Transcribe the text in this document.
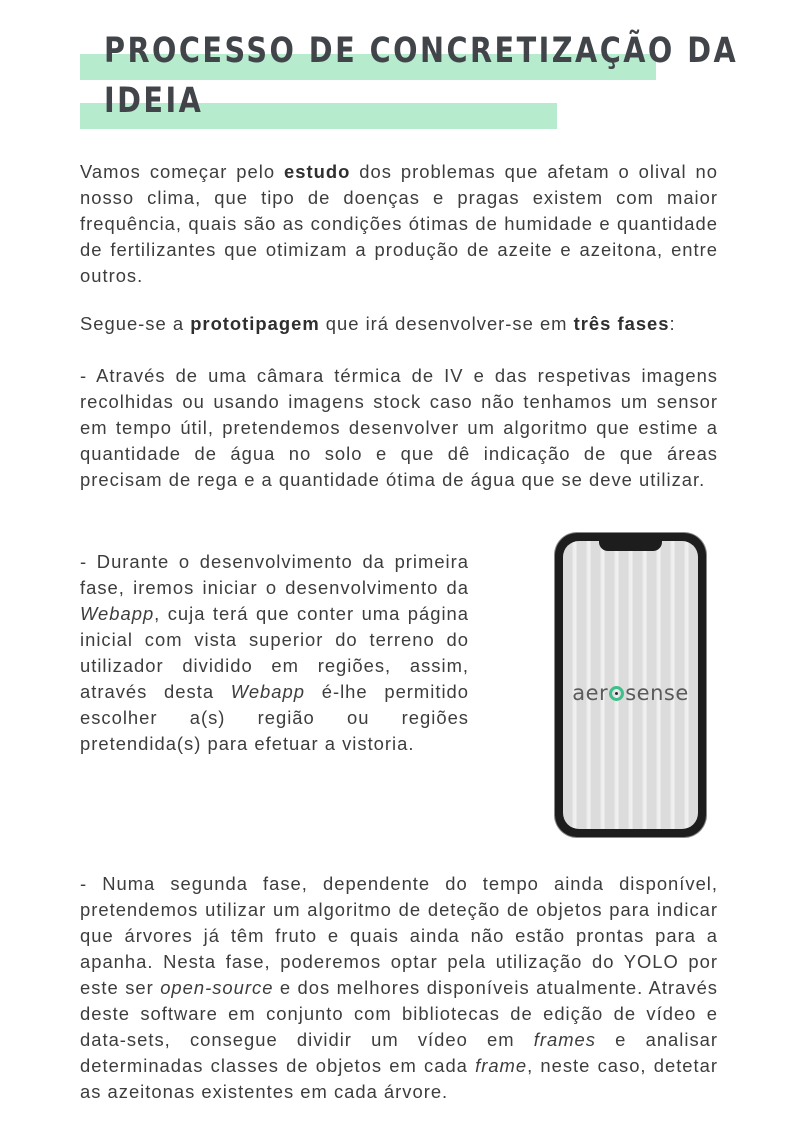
PROCESSO DE CONCRETIZAÇÃO DA
IDEIA

Vamos começar pelo estudo dos problemas que afetam o olival no nosso clima, que tipo de doenças e pragas existem com maior frequência, quais são as condições ótimas de humidade e quantidade de fertilizantes que otimizam a produção de azeite e azeitona, entre outros.

Segue-se a prototipagem que irá desenvolver-se em três fases:

- Através de uma câmara térmica de IV e das respetivas imagens recolhidas ou usando imagens stock caso não tenhamos um sensor em tempo útil, pretendemos desenvolver um algoritmo que estime a quantidade de água no solo e que dê indicação de que áreas precisam de rega e a quantidade ótima de água que se deve utilizar.

- Durante o desenvolvimento da primeira fase, iremos iniciar o desenvolvimento da Webapp, cuja terá que conter uma página inicial com vista superior do terreno do utilizador dividido em regiões, assim, através desta Webapp é-lhe permitido escolher a(s) região ou regiões pretendida(s) para efetuar a vistoria.

aer sense

- Numa segunda fase, dependente do tempo ainda disponível, pretendemos utilizar um algoritmo de deteção de objetos para indicar que árvores já têm fruto e quais ainda não estão prontas para a apanha. Nesta fase, poderemos optar pela utilização do YOLO por este ser open-source e dos melhores disponíveis atualmente. Através deste software em conjunto com bibliotecas de edição de vídeo e data-sets, consegue dividir um vídeo em frames e analisar determinadas classes de objetos em cada frame, neste caso, detetar as azeitonas existentes em cada árvore.
